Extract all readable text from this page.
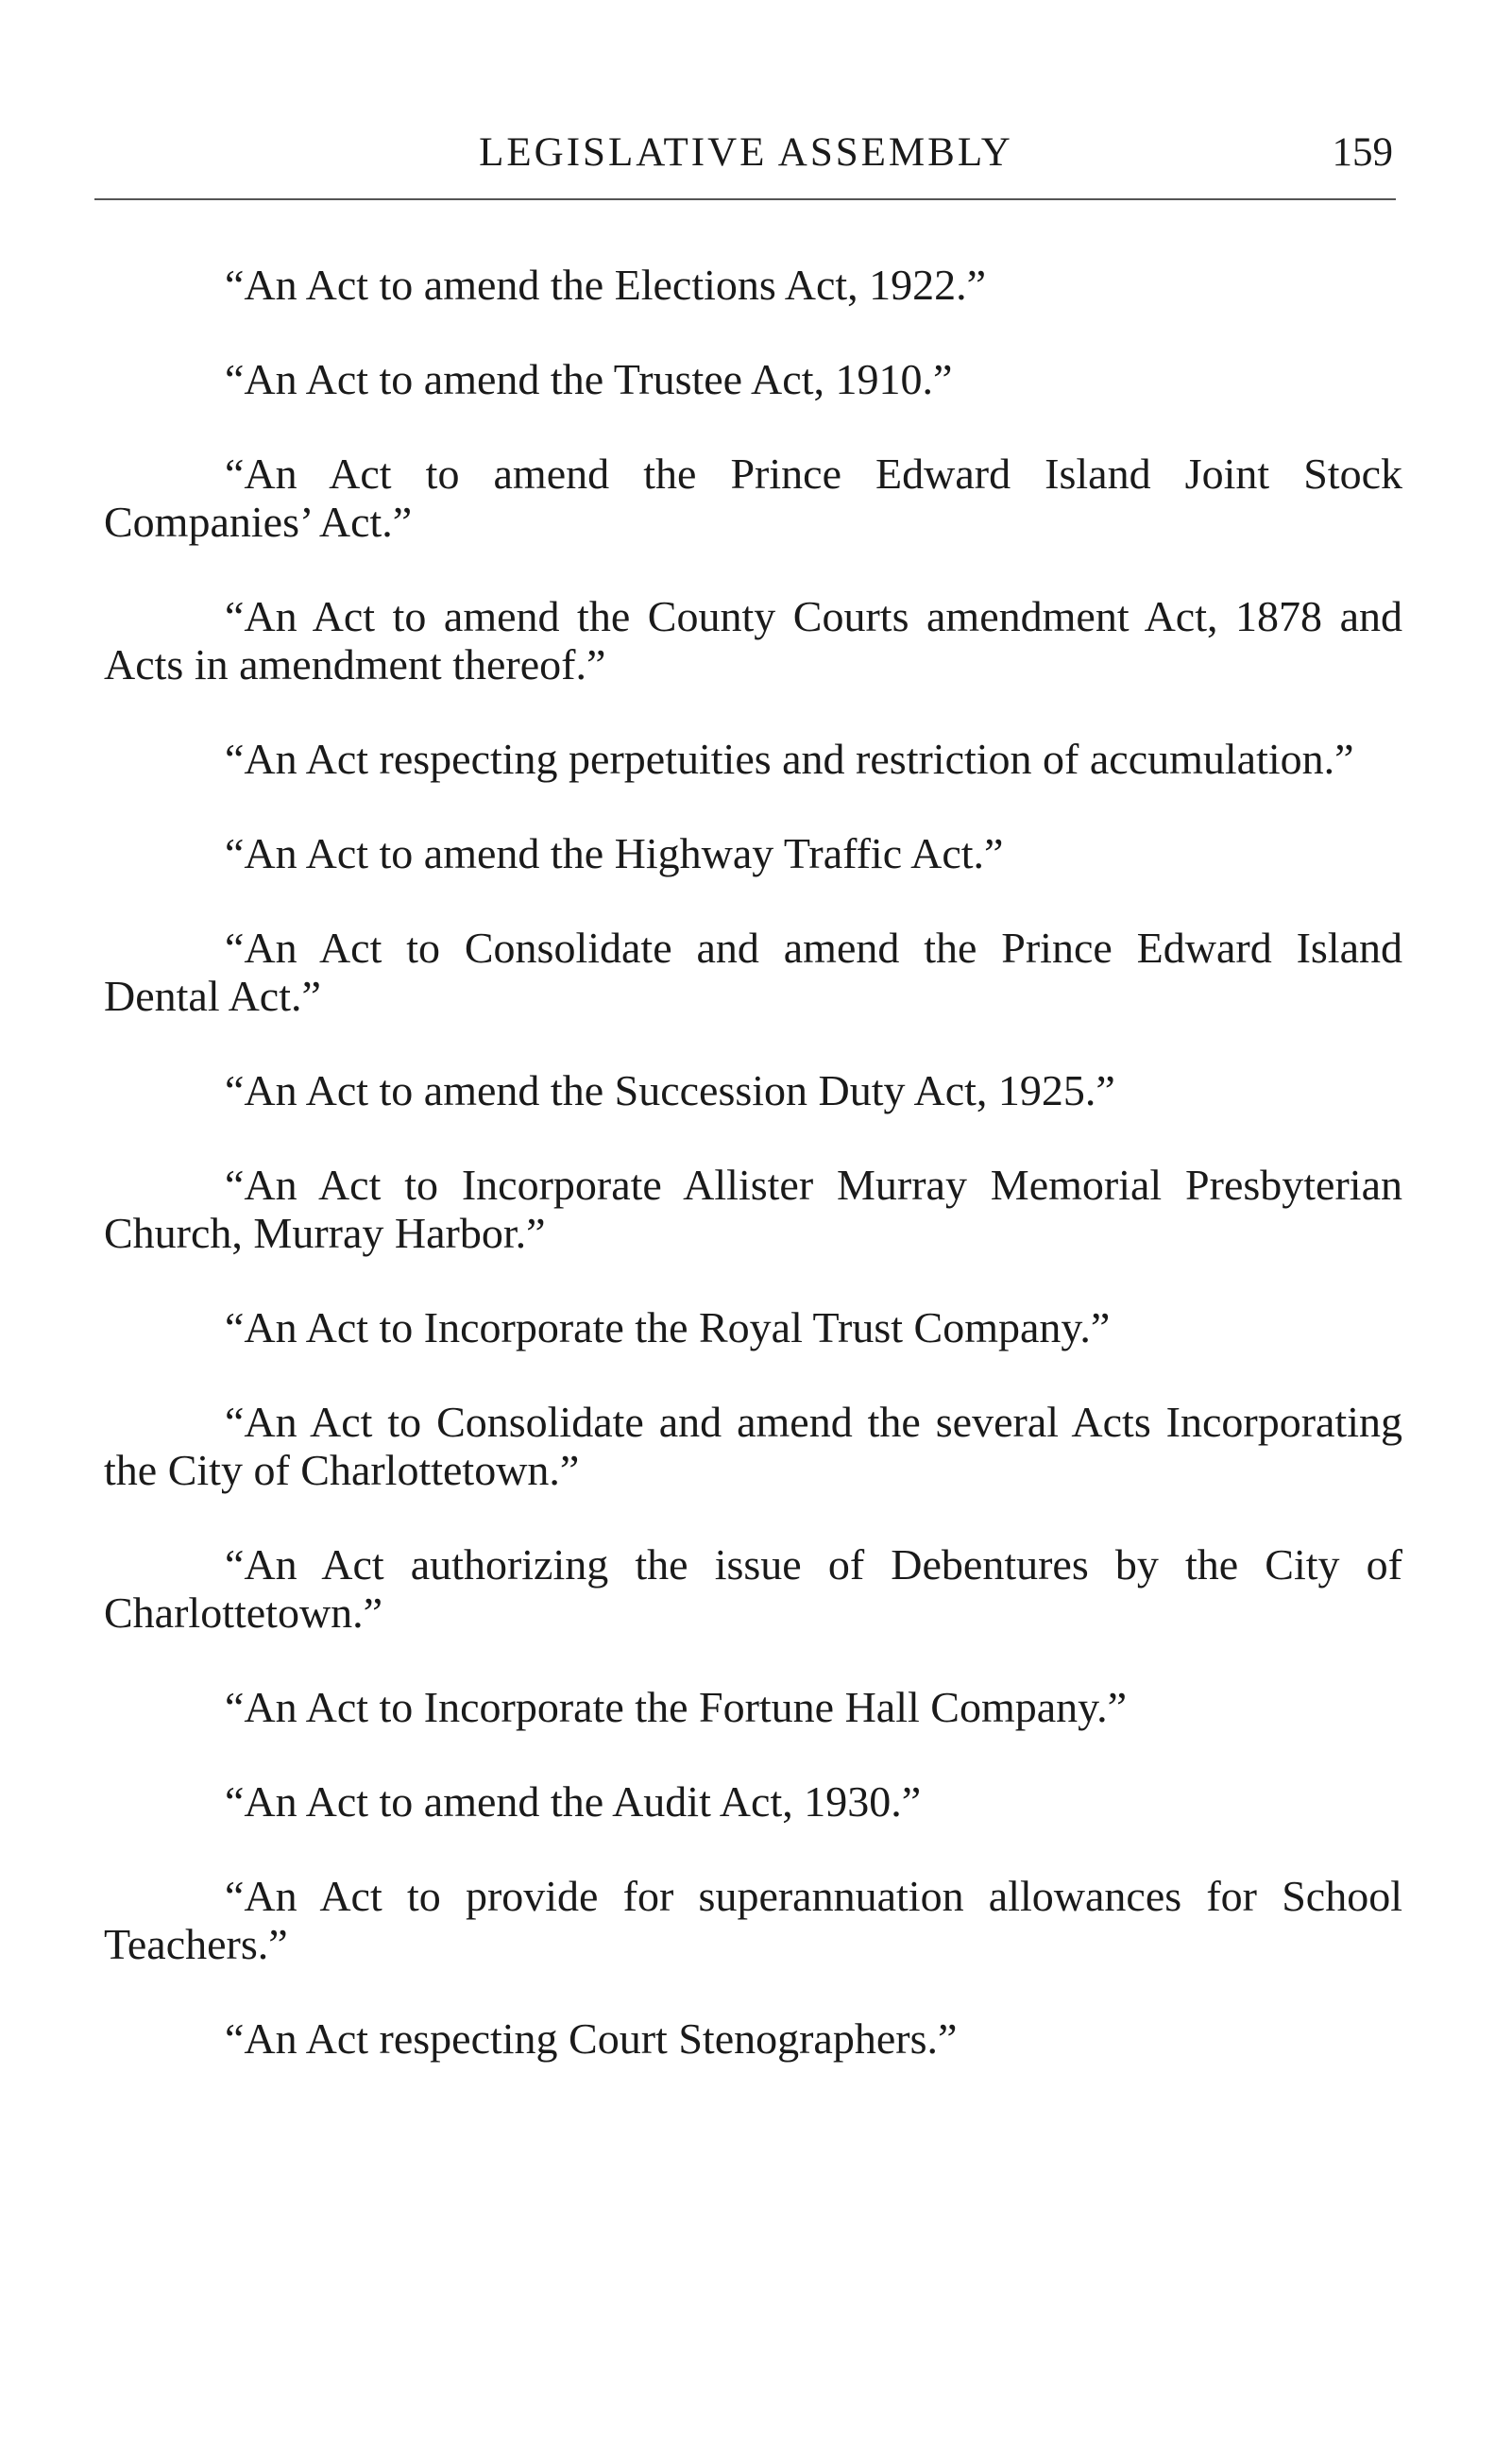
LEGISLATIVE ASSEMBLY	159

“An Act to amend the Elections Act, 1922.”

“An Act to amend the Trustee Act, 1910.”

“An Act to amend the Prince Edward Island Joint Stock Companies’ Act.”

“An Act to amend the County Courts amendment Act, 1878 and Acts in amendment thereof.”

“An Act respecting perpetuities and restriction of accumulation.”

“An Act to amend the Highway Traffic Act.”

“An Act to Consolidate and amend the Prince Edward Island Dental Act.”

“An Act to amend the Succession Duty Act, 1925.”

“An Act to Incorporate Allister Murray Memorial Presbyterian Church, Murray Harbor.”

“An Act to Incorporate the Royal Trust Company.”

“An Act to Consolidate and amend the several Acts Incorporating the City of Charlottetown.”

“An Act authorizing the issue of Debentures by the City of Charlottetown.”

“An Act to Incorporate the Fortune Hall Company.”

“An Act to amend the Audit Act, 1930.”

“An Act to provide for superannuation allowances for School Teachers.”

“An Act respecting Court Stenographers.”
